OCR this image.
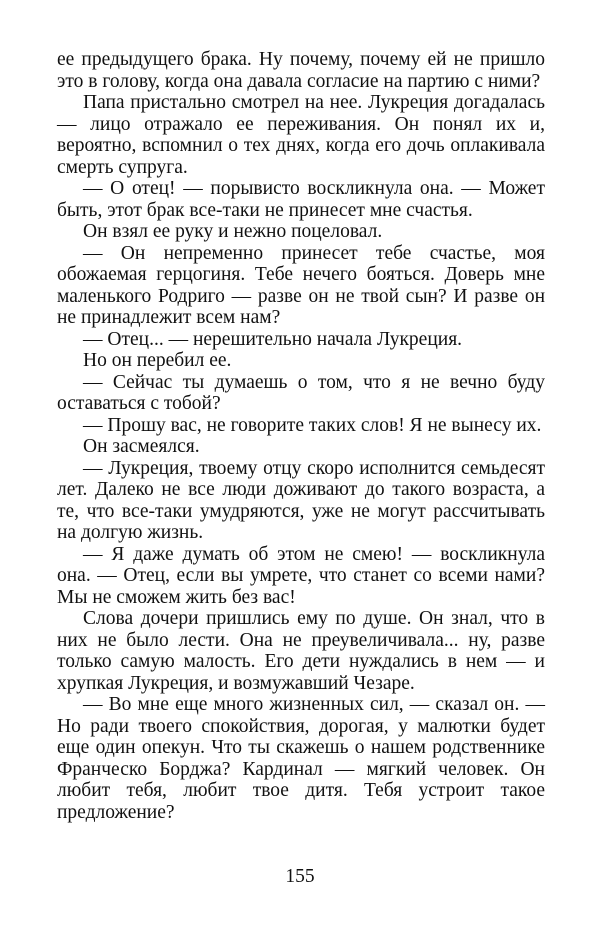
ее предыдущего брака. Ну почему, почему ей не пришло это в голову, когда она давала согласие на партию с ними?

Папа пристально смотрел на нее. Лукреция догадалась — лицо отражало ее переживания. Он понял их и, вероятно, вспомнил о тех днях, когда его дочь оплакивала смерть супруга.

— О отец! — порывисто воскликнула она. — Может быть, этот брак все-таки не принесет мне счастья.

Он взял ее руку и нежно поцеловал.

— Он непременно принесет тебе счастье, моя обожаемая герцогиня. Тебе нечего бояться. Доверь мне маленького Родриго — разве он не твой сын? И разве он не принадлежит всем нам?

— Отец... — нерешительно начала Лукреция.

Но он перебил ее.

— Сейчас ты думаешь о том, что я не вечно буду оставаться с тобой?

— Прошу вас, не говорите таких слов! Я не вынесу их.

Он засмеялся.

— Лукреция, твоему отцу скоро исполнится семьдесят лет. Далеко не все люди доживают до такого возраста, а те, что все-таки умудряются, уже не могут рассчитывать на долгую жизнь.

— Я даже думать об этом не смею! — воскликнула она. — Отец, если вы умрете, что станет со всеми нами? Мы не сможем жить без вас!

Слова дочери пришлись ему по душе. Он знал, что в них не было лести. Она не преувеличивала... ну, разве только самую малость. Его дети нуждались в нем — и хрупкая Лукреция, и возмужавший Чезаре.

— Во мне еще много жизненных сил, — сказал он. — Но ради твоего спокойствия, дорогая, у малютки будет еще один опекун. Что ты скажешь о нашем родственнике Франческо Борджа? Кардинал — мягкий человек. Он любит тебя, любит твое дитя. Тебя устроит такое предложение?

155
